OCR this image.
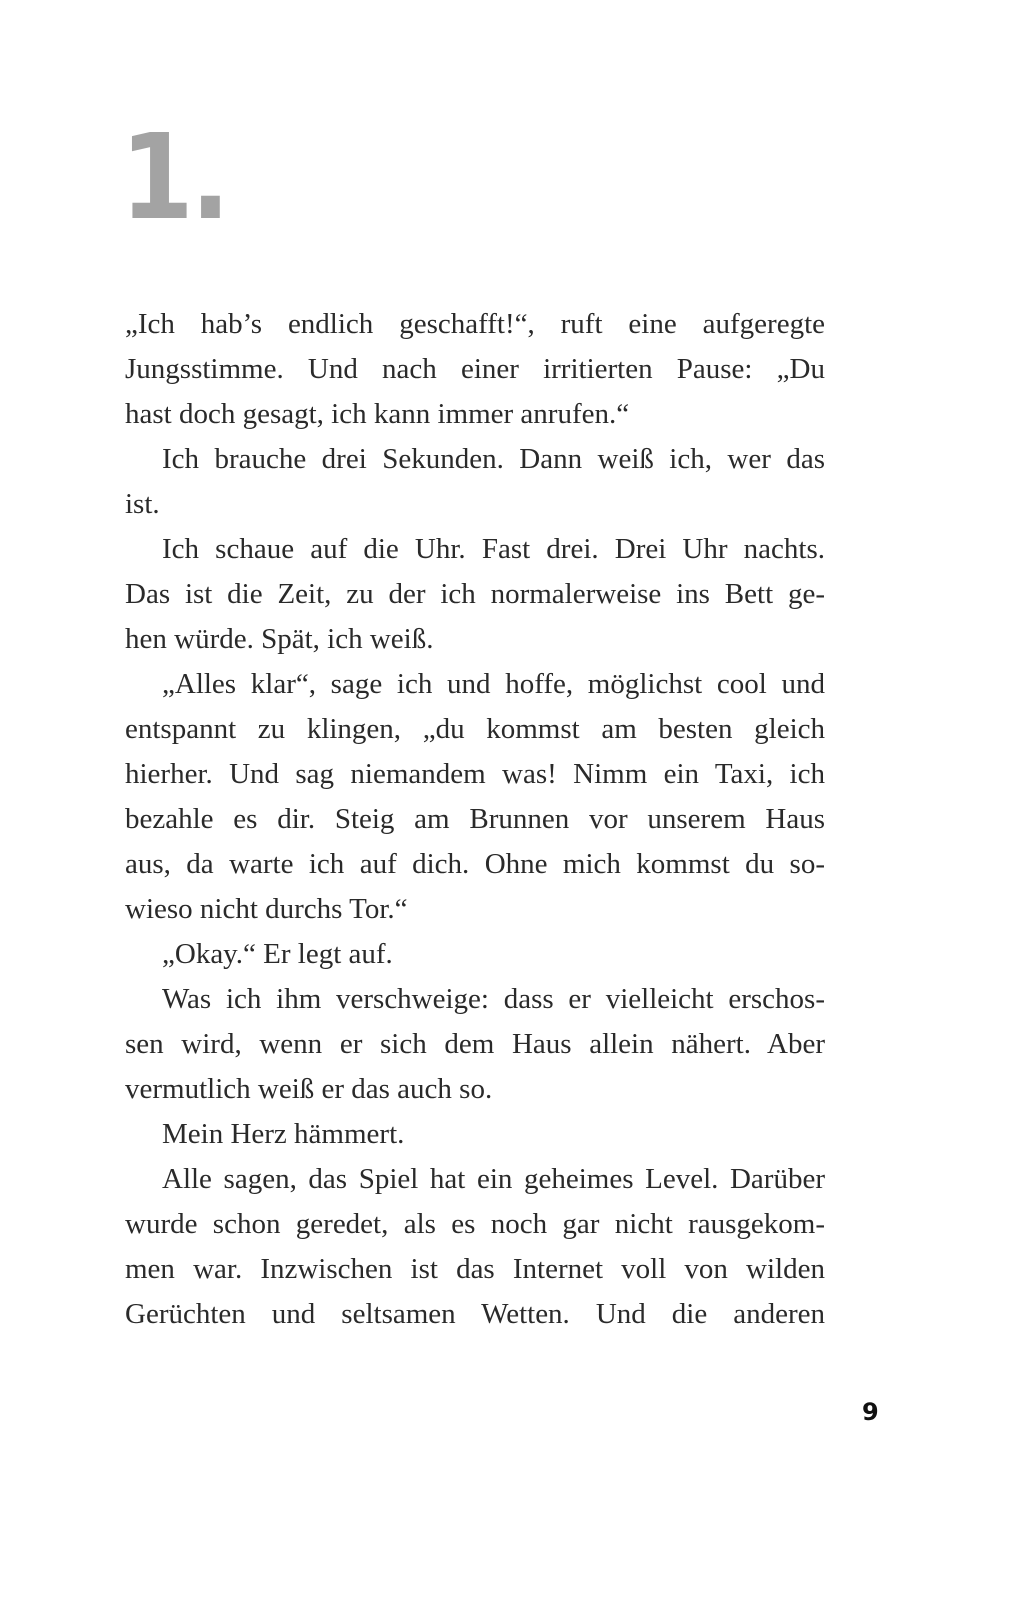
1.
„Ich hab’s endlich geschafft!“, ruft eine aufgeregte
Jungsstimme. Und nach einer irritierten Pause: „Du
hast doch gesagt, ich kann immer anrufen.“
Ich brauche drei Sekunden. Dann weiß ich, wer das
ist.
Ich schaue auf die Uhr. Fast drei. Drei Uhr nachts.
Das ist die Zeit, zu der ich normalerweise ins Bett ge-
hen würde. Spät, ich weiß.
„Alles klar“, sage ich und hoffe, möglichst cool und
entspannt zu klingen, „du kommst am besten gleich
hierher. Und sag niemandem was! Nimm ein Taxi, ich
bezahle es dir. Steig am Brunnen vor unserem Haus
aus, da warte ich auf dich. Ohne mich kommst du so-
wieso nicht durchs Tor.“
„Okay.“ Er legt auf.
Was ich ihm verschweige: dass er vielleicht erschos-
sen wird, wenn er sich dem Haus allein nähert. Aber
vermutlich weiß er das auch so.
Mein Herz hämmert.
Alle sagen, das Spiel hat ein geheimes Level. Darüber
wurde schon geredet, als es noch gar nicht rausgekom-
men war. Inzwischen ist das Internet voll von wilden
Gerüchten und seltsamen Wetten. Und die anderen
9
